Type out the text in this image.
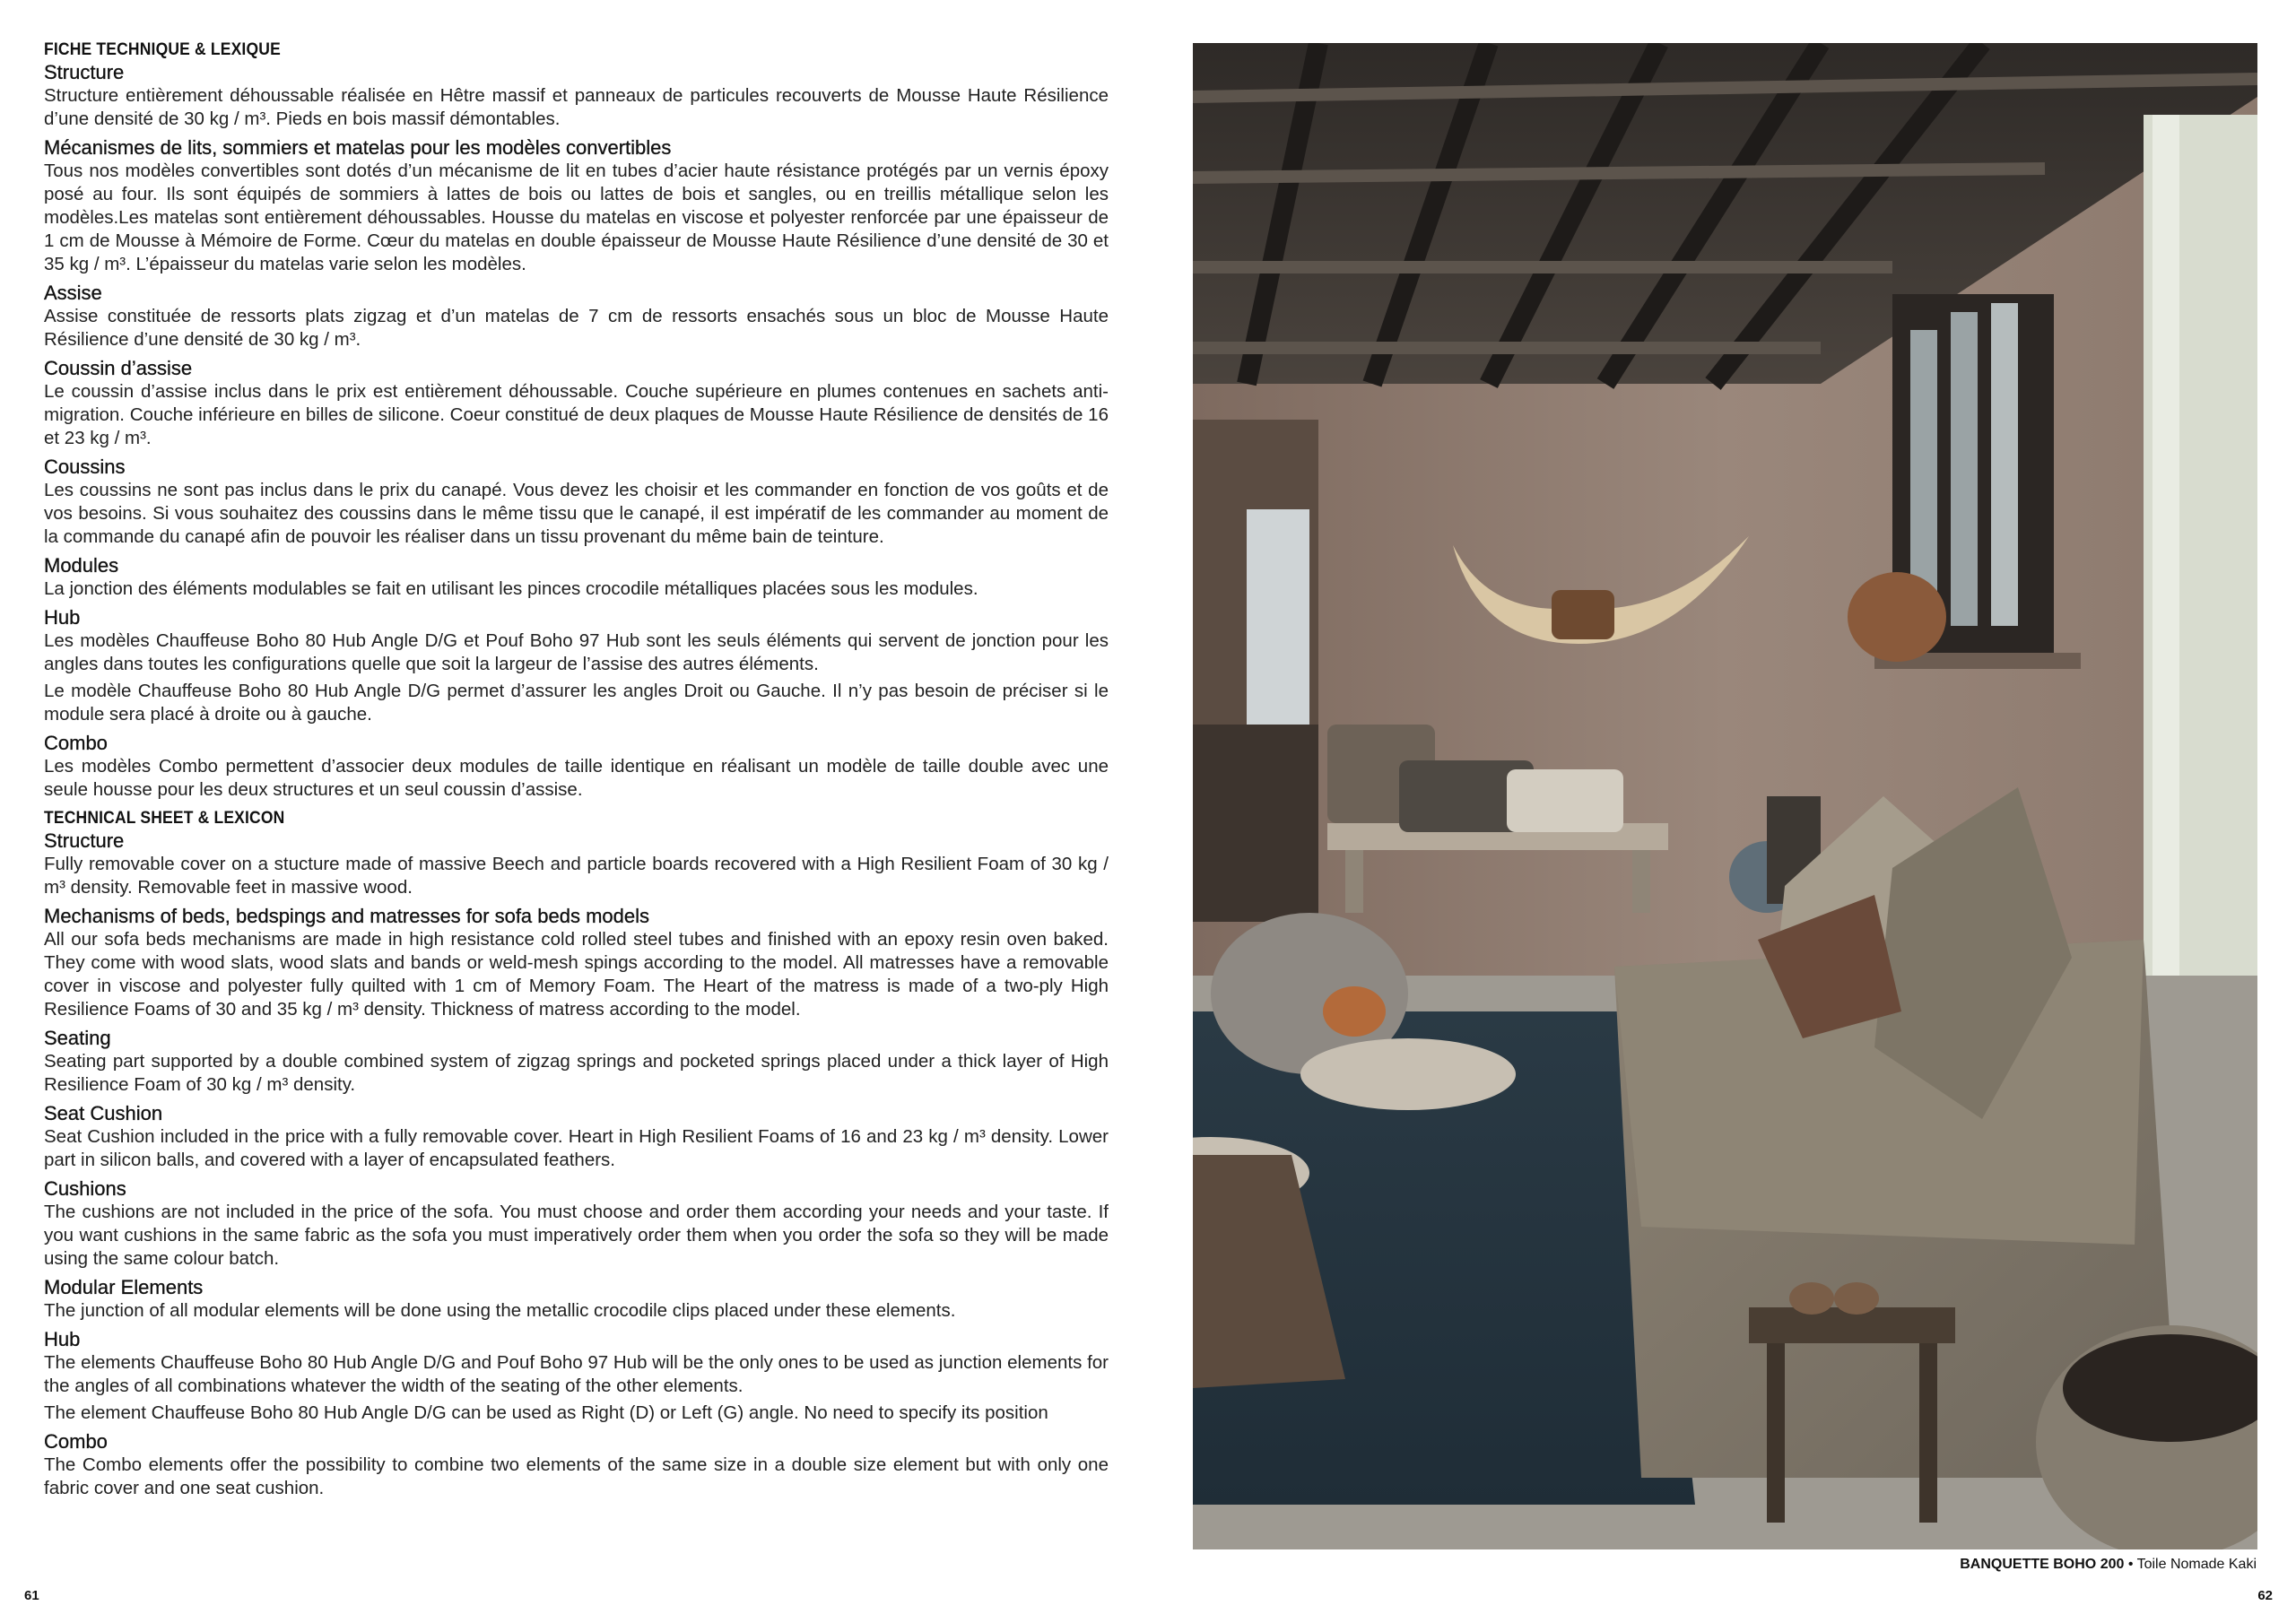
FICHE TECHNIQUE & LEXIQUE
Structure

Structure entièrement déhoussable réalisée en Hêtre massif et panneaux de particules recouverts de Mousse Haute Résilience d’une densité de 30 kg / m³. Pieds en bois massif démontables.

Mécanismes de lits, sommiers et matelas pour les modèles convertibles

Tous nos modèles convertibles sont dotés d’un mécanisme de lit en tubes d’acier haute résistance protégés par un vernis époxy posé au four. Ils sont équipés de sommiers à lattes de bois ou lattes de bois et sangles, ou en treillis métallique selon les modèles.Les matelas sont entièrement déhoussables. Housse du matelas en viscose et polyester renforcée par une épaisseur de 1 cm de Mousse à Mémoire de Forme. Cœur du matelas en double épaisseur de Mousse Haute Résilience d’une densité de 30 et 35 kg / m³. L’épaisseur du matelas varie selon les modèles.

Assise

Assise constituée de ressorts plats zigzag et d’un matelas de 7 cm de ressorts ensachés sous un bloc de Mousse Haute Résilience d’une densité de 30 kg / m³.

Coussin d’assise

Le coussin d’assise inclus dans le prix est entièrement déhoussable. Couche supérieure en plumes contenues en sachets anti-migration. Couche inférieure en billes de silicone. Coeur constitué de deux plaques de Mousse Haute Résilience de densités de 16 et 23 kg / m³.

Coussins

Les coussins ne sont pas inclus dans le prix du canapé. Vous devez les choisir et les commander en fonction de vos goûts et de vos besoins. Si vous souhaitez des coussins dans le même tissu que le canapé, il est impératif de les commander au moment de la commande du canapé afin de pouvoir les réaliser dans un tissu provenant du même bain de teinture.

Modules

La jonction des éléments modulables se fait en utilisant les pinces crocodile métalliques placées sous les modules.

Hub

Les modèles Chauffeuse Boho 80 Hub Angle D/G et Pouf Boho 97 Hub sont les seuls éléments qui servent de jonction pour les angles dans toutes les configurations quelle que soit la largeur de l’assise des autres éléments.

Le modèle Chauffeuse Boho 80 Hub Angle D/G permet d’assurer les angles Droit ou Gauche. Il n’y pas besoin de préciser si le module sera placé à droite ou à gauche.

Combo

Les modèles Combo permettent d’associer deux modules de taille identique en réalisant un modèle de taille double avec une seule housse pour les deux structures et un seul coussin d’assise.

TECHNICAL SHEET & LEXICON
Structure

Fully removable cover on a stucture made of massive Beech and particle boards recovered with a High Resilient Foam of 30 kg / m³ density. Removable feet in massive wood.

Mechanisms of beds, bedspings and matresses for sofa beds models

All our sofa beds mechanisms are made in high resistance cold rolled steel tubes and finished with an epoxy resin oven baked. They come with wood slats, wood slats and bands or weld-mesh spings according to the model. All matresses have a removable cover in viscose and polyester fully quilted with 1 cm of Memory Foam. The Heart of the matress is made of a two-ply High Resilience Foams of 30 and 35 kg / m³ density. Thickness of matress according to the model.

Seating

Seating part supported by a double combined system of zigzag springs and pocketed springs placed under a thick layer of High Resilience Foam of 30 kg / m³ density.

Seat Cushion

Seat Cushion included in the price with a fully removable cover. Heart in High Resilient Foams of 16 and 23 kg / m³ density. Lower part in silicon balls, and covered with a layer of encapsulated feathers.

Cushions

The cushions are not included in the price of the sofa. You must choose and order them according your needs and your taste. If you want cushions in the same fabric as the sofa you must imperatively order them when you order the sofa so they will be made using the same colour batch.

Modular Elements

The junction of all modular elements will be done using the metallic crocodile clips placed under these elements.

Hub

The elements Chauffeuse Boho 80 Hub Angle D/G and Pouf Boho 97 Hub will be the only ones to be used as junction elements for the angles of all combinations whatever the width of the seating of the other elements.

The element Chauffeuse Boho 80 Hub Angle D/G can be used as Right (D) or Left (G) angle. No need to specify its position

Combo

The Combo elements offer the possibility to combine two elements of the same size in a double size element but with only one fabric cover and one seat cushion.

BANQUETTE BOHO 200 • Toile Nomade Kaki
61	62
